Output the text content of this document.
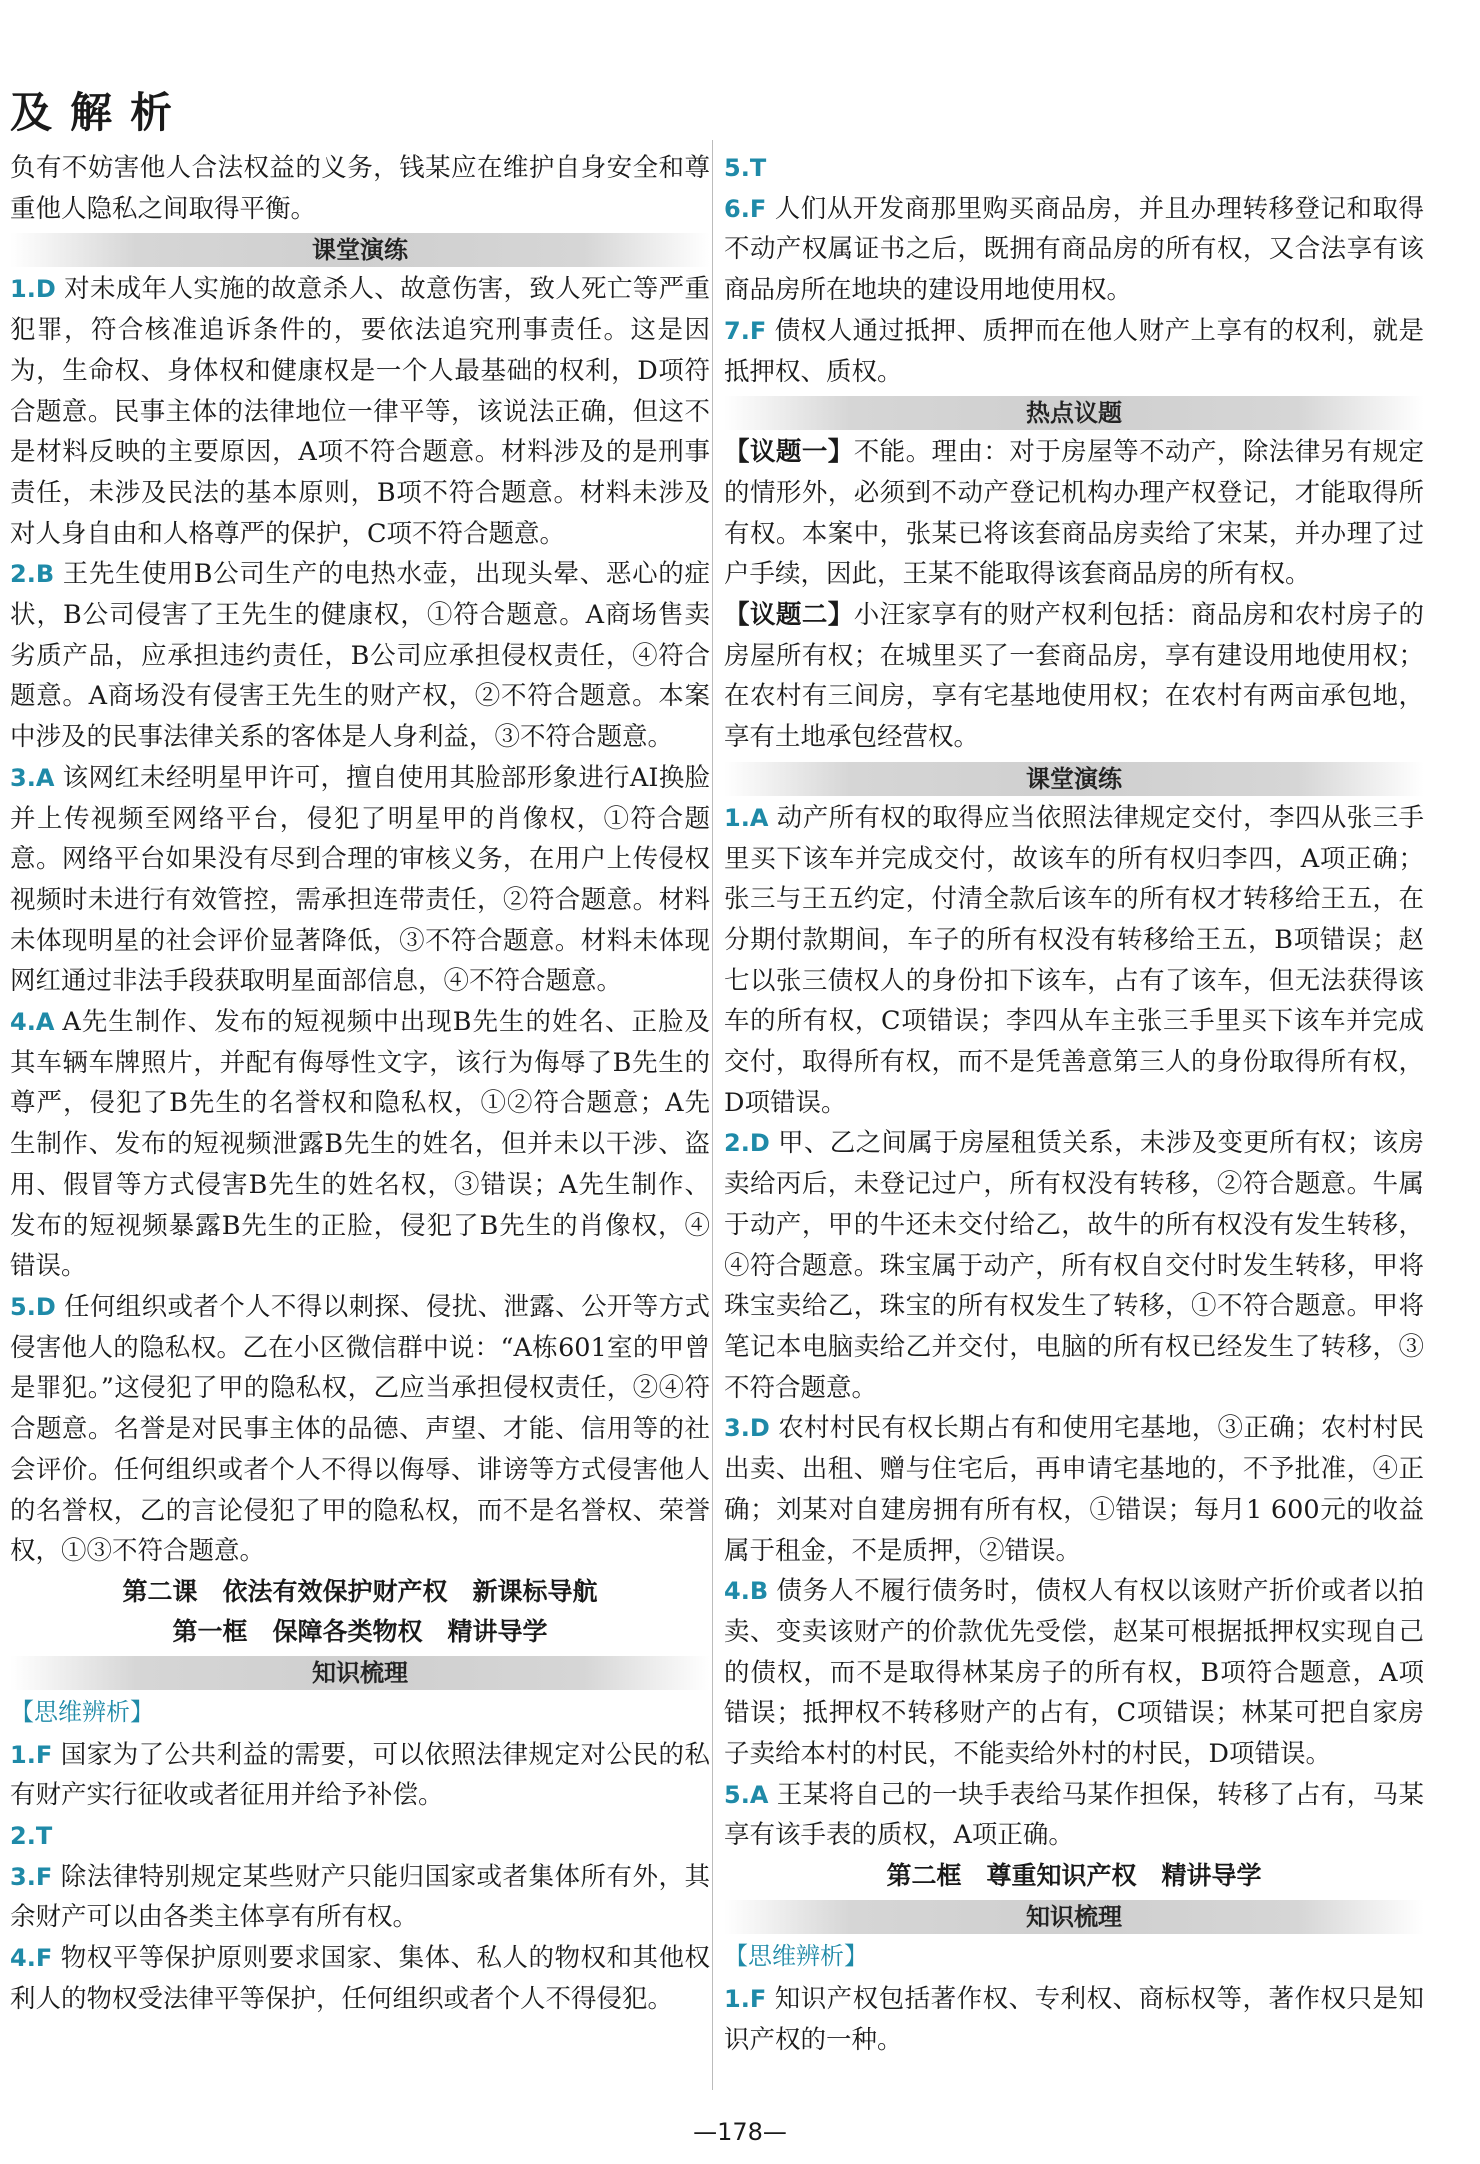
及解析

负有不妨害他人合法权益的义务，钱某应在维护自身安全和尊重他人隐私之间取得平衡。

课堂演练

1.D 对未成年人实施的故意杀人、故意伤害，致人死亡等严重犯罪，符合核准追诉条件的，要依法追究刑事责任。这是因为，生命权、身体权和健康权是一个人最基础的权利，D项符合题意。民事主体的法律地位一律平等，该说法正确，但这不是材料反映的主要原因，A项不符合题意。材料涉及的是刑事责任，未涉及民法的基本原则，B项不符合题意。材料未涉及对人身自由和人格尊严的保护，C项不符合题意。

2.B 王先生使用B公司生产的电热水壶，出现头晕、恶心的症状，B公司侵害了王先生的健康权，①符合题意。A商场售卖劣质产品，应承担违约责任，B公司应承担侵权责任，④符合题意。A商场没有侵害王先生的财产权，②不符合题意。本案中涉及的民事法律关系的客体是人身利益，③不符合题意。

3.A 该网红未经明星甲许可，擅自使用其脸部形象进行AI换脸并上传视频至网络平台，侵犯了明星甲的肖像权，①符合题意。网络平台如果没有尽到合理的审核义务，在用户上传侵权视频时未进行有效管控，需承担连带责任，②符合题意。材料未体现明星的社会评价显著降低，③不符合题意。材料未体现网红通过非法手段获取明星面部信息，④不符合题意。

4.A A先生制作、发布的短视频中出现B先生的姓名、正脸及其车辆车牌照片，并配有侮辱性文字，该行为侮辱了B先生的尊严，侵犯了B先生的名誉权和隐私权，①②符合题意；A先生制作、发布的短视频泄露B先生的姓名，但并未以干涉、盗用、假冒等方式侵害B先生的姓名权，③错误；A先生制作、发布的短视频暴露B先生的正脸，侵犯了B先生的肖像权，④错误。

5.D 任何组织或者个人不得以刺探、侵扰、泄露、公开等方式侵害他人的隐私权。乙在小区微信群中说：“A栋601室的甲曾是罪犯。”这侵犯了甲的隐私权，乙应当承担侵权责任，②④符合题意。名誉是对民事主体的品德、声望、才能、信用等的社会评价。任何组织或者个人不得以侮辱、诽谤等方式侵害他人的名誉权，乙的言论侵犯了甲的隐私权，而不是名誉权、荣誉权，①③不符合题意。

第二课　依法有效保护财产权　新课标导航
第一框　保障各类物权　精讲导学
知识梳理
【思维辨析】

1.F 国家为了公共利益的需要，可以依照法律规定对公民的私有财产实行征收或者征用并给予补偿。

2.T

3.F 除法律特别规定某些财产只能归国家或者集体所有外，其余财产可以由各类主体享有所有权。

4.F 物权平等保护原则要求国家、集体、私人的物权和其他权利人的物权受法律平等保护，任何组织或者个人不得侵犯。

5.T

6.F 人们从开发商那里购买商品房，并且办理转移登记和取得不动产权属证书之后，既拥有商品房的所有权，又合法享有该商品房所在地块的建设用地使用权。

7.F 债权人通过抵押、质押而在他人财产上享有的权利，就是抵押权、质权。

热点议题

【议题一】不能。理由：对于房屋等不动产，除法律另有规定的情形外，必须到不动产登记机构办理产权登记，才能取得所有权。本案中，张某已将该套商品房卖给了宋某，并办理了过户手续，因此，王某不能取得该套商品房的所有权。

【议题二】小汪家享有的财产权利包括：商品房和农村房子的房屋所有权；在城里买了一套商品房，享有建设用地使用权；在农村有三间房，享有宅基地使用权；在农村有两亩承包地，享有土地承包经营权。

课堂演练

1.A 动产所有权的取得应当依照法律规定交付，李四从张三手里买下该车并完成交付，故该车的所有权归李四，A项正确；张三与王五约定，付清全款后该车的所有权才转移给王五，在分期付款期间，车子的所有权没有转移给王五，B项错误；赵七以张三债权人的身份扣下该车，占有了该车，但无法获得该车的所有权，C项错误；李四从车主张三手里买下该车并完成交付，取得所有权，而不是凭善意第三人的身份取得所有权，D项错误。

2.D 甲、乙之间属于房屋租赁关系，未涉及变更所有权；该房卖给丙后，未登记过户，所有权没有转移，②符合题意。牛属于动产，甲的牛还未交付给乙，故牛的所有权没有发生转移，④符合题意。珠宝属于动产，所有权自交付时发生转移，甲将珠宝卖给乙，珠宝的所有权发生了转移，①不符合题意。甲将笔记本电脑卖给乙并交付，电脑的所有权已经发生了转移，③不符合题意。

3.D 农村村民有权长期占有和使用宅基地，③正确；农村村民出卖、出租、赠与住宅后，再申请宅基地的，不予批准，④正确；刘某对自建房拥有所有权，①错误；每月1 600元的收益属于租金，不是质押，②错误。

4.B 债务人不履行债务时，债权人有权以该财产折价或者以拍卖、变卖该财产的价款优先受偿，赵某可根据抵押权实现自己的债权，而不是取得林某房子的所有权，B项符合题意，A项错误；抵押权不转移财产的占有，C项错误；林某可把自家房子卖给本村的村民，不能卖给外村的村民，D项错误。

5.A 王某将自己的一块手表给马某作担保，转移了占有，马某享有该手表的质权，A项正确。

第二框　尊重知识产权　精讲导学
知识梳理
【思维辨析】

1.F 知识产权包括著作权、专利权、商标权等，著作权只是知识产权的一种。

—178—
